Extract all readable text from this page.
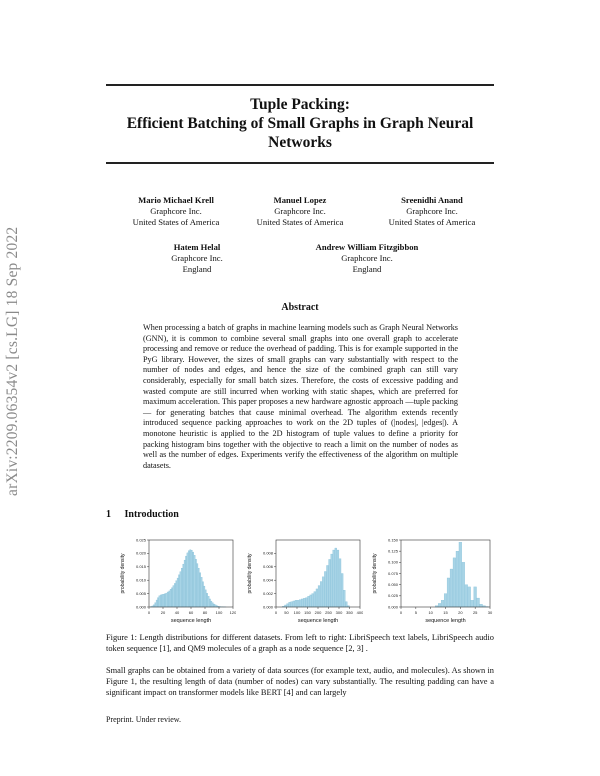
arXiv:2209.06354v2 [cs.LG] 18 Sep 2022
Tuple Packing:
Efficient Batching of Small Graphs in Graph Neural
Networks
Mario Michael Krell
Graphcore Inc.
United States of America
Manuel Lopez
Graphcore Inc.
United States of America
Sreenidhi Anand
Graphcore Inc.
United States of America
Hatem Helal
Graphcore Inc.
England
Andrew William Fitzgibbon
Graphcore Inc.
England
Abstract
When processing a batch of graphs in machine learning models such as Graph Neural Networks (GNN), it is common to combine several small graphs into one overall graph to accelerate processing and remove or reduce the overhead of padding. This is for example supported in the PyG library. However, the sizes of small graphs can vary substantially with respect to the number of nodes and edges, and hence the size of the combined graph can still vary considerably, especially for small batch sizes. Therefore, the costs of excessive padding and wasted compute are still incurred when working with static shapes, which are preferred for maximum acceleration. This paper proposes a new hardware agnostic approach —tuple packing— for generating batches that cause minimal overhead. The algorithm extends recently introduced sequence packing approaches to work on the 2D tuples of (|nodes|, |edges|). A monotone heuristic is applied to the 2D histogram of tuple values to define a priority for packing histogram bins together with the objective to reach a limit on the number of nodes as well as the number of edges. Experiments verify the effectiveness of the algorithm on multiple datasets.
1 Introduction
0	20 40 60 80 100 120
0.000
0.005
0.010
0.015
0.020
0.025
sequence length
probability density
0 50 100 150 200 250 300 350 400
0.000
0.002
0.004
0.006
0.008
sequence length
probability density
0	5	10	15	20	25	30
0.000
0.025
0.050
0.075
0.100
0.125
0.150
sequence length
probability density
Figure 1: Length distributions for different datasets. From left to right: LibriSpeech text labels, LibriSpeech audio token sequence [1], and QM9 molecules of a graph as a node sequence [2, 3] .
Small graphs can be obtained from a variety of data sources (for example text, audio, and molecules). As shown in Figure 1, the resulting length of data (number of nodes) can vary substantially. The resulting padding can have a significant impact on transformer models like BERT [4] and can largely
Preprint. Under review.
